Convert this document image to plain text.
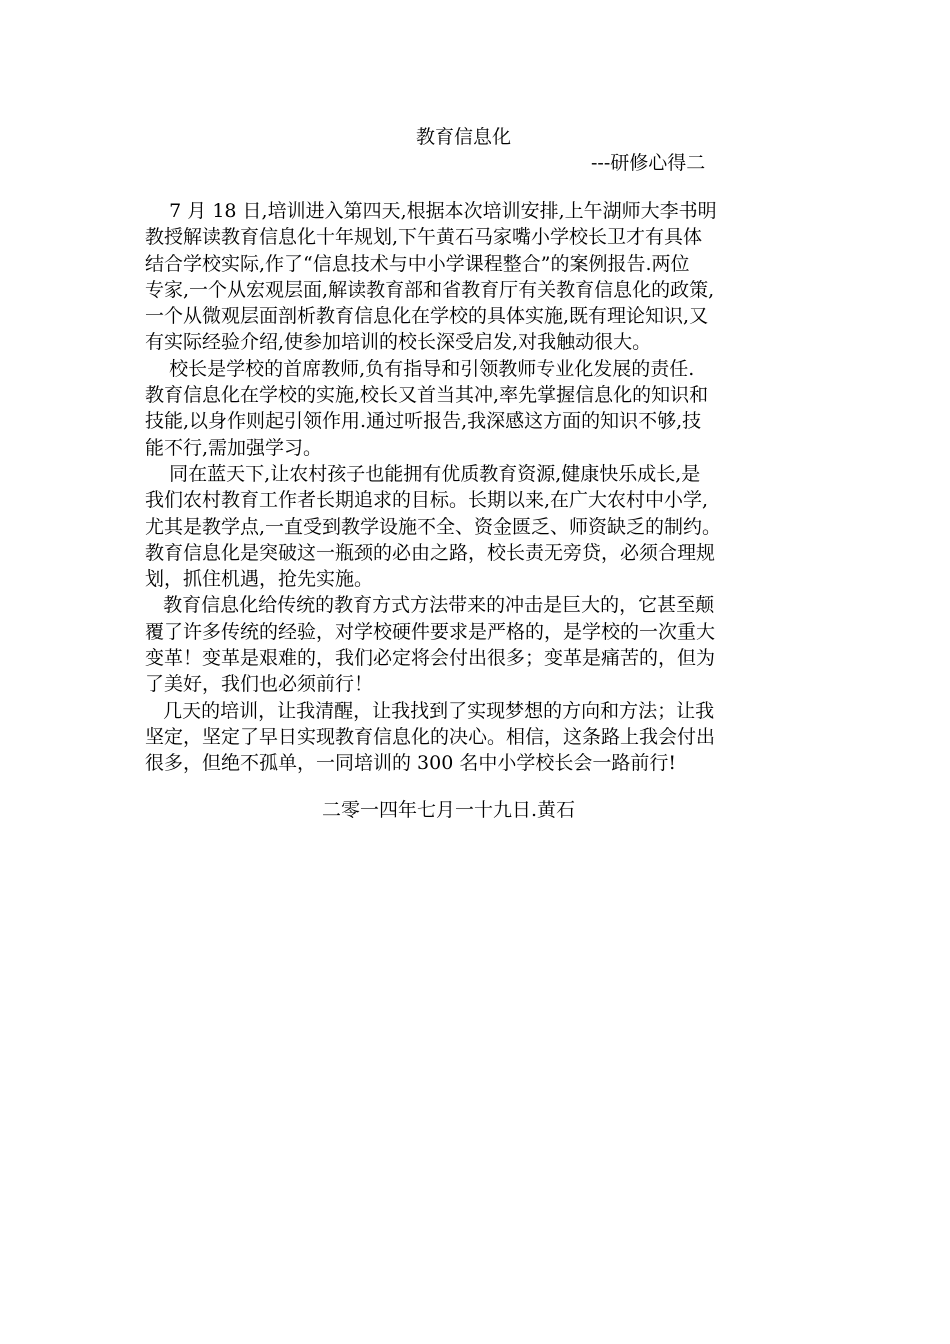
教育信息化
---研修心得二
7 月 18 日,培训进入第四天,根据本次培训安排,上午湖师大李书明
教授解读教育信息化十年规划,下午黄石马家嘴小学校长卫才有具体
结合学校实际,作了“信息技术与中小学课程整合”的案例报告.两位
专家,一个从宏观层面,解读教育部和省教育厅有关教育信息化的政策,
一个从微观层面剖析教育信息化在学校的具体实施,既有理论知识,又
有实际经验介绍,使参加培训的校长深受启发,对我触动很大。
校长是学校的首席教师,负有指导和引领教师专业化发展的责任.
教育信息化在学校的实施,校长又首当其冲,率先掌握信息化的知识和
技能,以身作则起引领作用.通过听报告,我深感这方面的知识不够,技
能不行,需加强学习。
同在蓝天下,让农村孩子也能拥有优质教育资源,健康快乐成长,是
我们农村教育工作者长期追求的目标。长期以来,在广大农村中小学,
尤其是教学点,一直受到教学设施不全、资金匮乏、师资缺乏的制约。
教育信息化是突破这一瓶颈的必由之路，校长责无旁贷，必须合理规
划，抓住机遇，抢先实施。
教育信息化给传统的教育方式方法带来的冲击是巨大的，它甚至颠
覆了许多传统的经验，对学校硬件要求是严格的，是学校的一次重大
变革！变革是艰难的，我们必定将会付出很多；变革是痛苦的，但为
了美好，我们也必须前行！
几天的培训，让我清醒，让我找到了实现梦想的方向和方法；让我
坚定，坚定了早日实现教育信息化的决心。相信，这条路上我会付出
很多，但绝不孤单，一同培训的 300 名中小学校长会一路前行!
二零一四年七月一十九日.黄石
